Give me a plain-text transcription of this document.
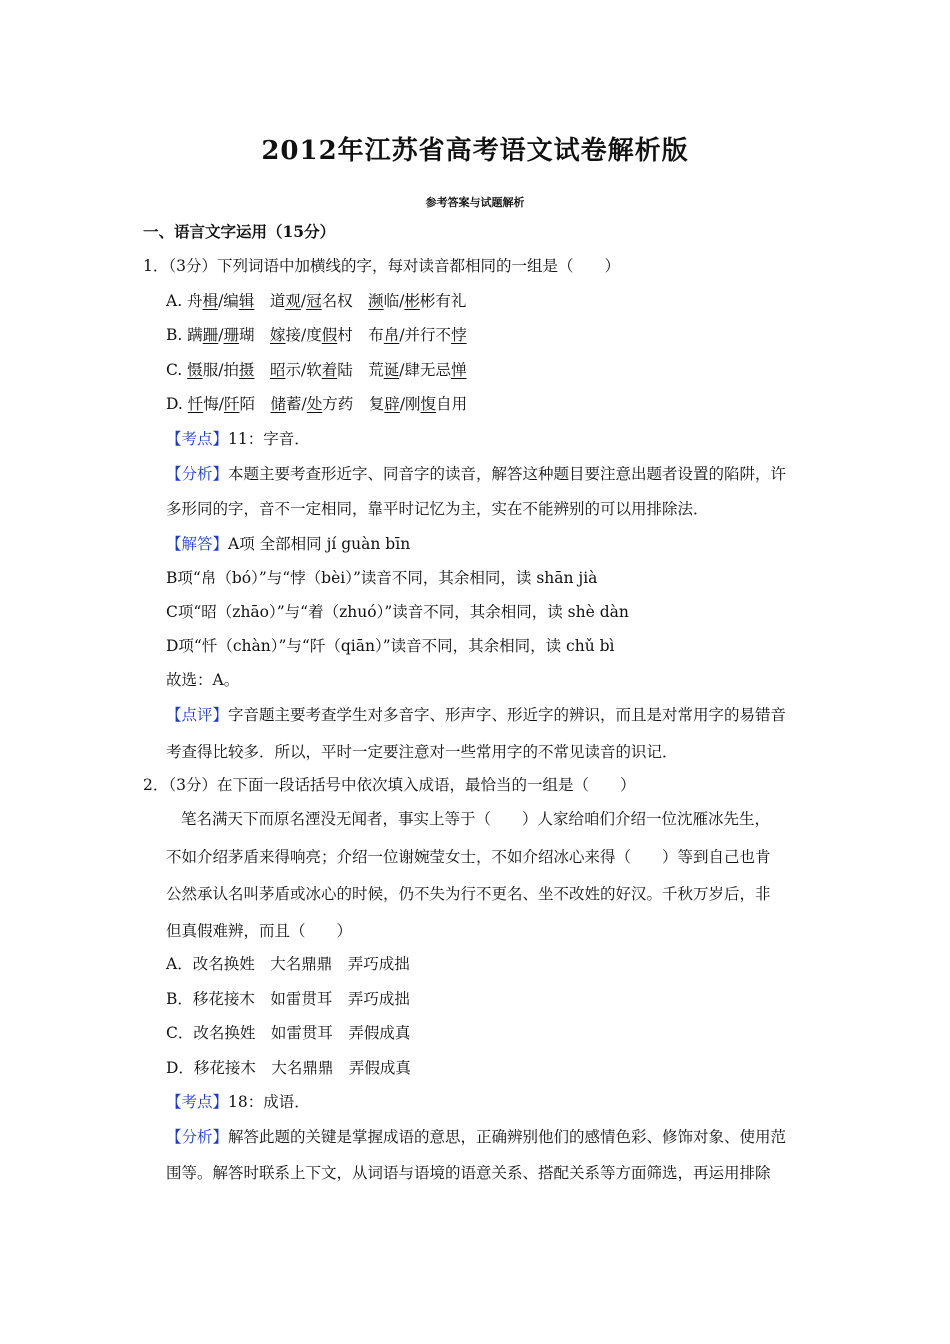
2012年江苏省高考语文试卷解析版
参考答案与试题解析
一、语言文字运用（15分）
1．（3分）下列词语中加横线的字，每对读音都相同的一组是（　　）
A. 舟楫/编辑　道观/冠名权　濒临/彬彬有礼
B. 蹒跚/珊瑚　嫁接/度假村　布帛/并行不悖
C. 慑服/拍摄　 昭示/软着陆　荒诞/肆无忌惮
D. 忏悔/阡陌　储蓄/处方药　复辟/刚愎自用
【考点】11：字音．
【分析】本题主要考查形近字、同音字的读音，解答这种题目要注意出题者设置的陷阱，许
多形同的字，音不一定相同，靠平时记忆为主，实在不能辨别的可以用排除法．
【解答】A项 全部相同 jí guàn bīn
B项“帛（bó）”与“悖（bèi）”读音不同，其余相同，读 shān jià
C项“昭（zhāo）”与“着（zhuó）”读音不同，其余相同，读 shè dàn
D项“忏（chàn）”与“阡（qiān）”读音不同，其余相同，读 chǔ bì
故选：A。
【点评】字音题主要考查学生对多音字、形声字、形近字的辨识，而且是对常用字的易错音
考查得比较多．所以，平时一定要注意对一些常用字的不常见读音的识记．
2．（3分）在下面一段话括号中依次填入成语，最恰当的一组是（　　）
笔名满天下而原名湮没无闻者，事实上等于（　　）人家给咱们介绍一位沈雁冰先生，
不如介绍茅盾来得响亮；介绍一位谢婉莹女士，不如介绍冰心来得（　　）等到自己也肯
公然承认名叫茅盾或冰心的时候，仍不失为行不更名、坐不改姓的好汉。千秋万岁后，非
但真假难辨，而且（　　）
A．改名换姓　大名鼎鼎　弄巧成拙
B．移花接木　如雷贯耳　弄巧成拙
C．改名换姓　如雷贯耳　弄假成真
D．移花接木　大名鼎鼎　弄假成真
【考点】18：成语．
【分析】解答此题的关键是掌握成语的意思，正确辨别他们的感情色彩、修饰对象、使用范
围等。解答时联系上下文，从词语与语境的语意关系、搭配关系等方面筛选，再运用排除
